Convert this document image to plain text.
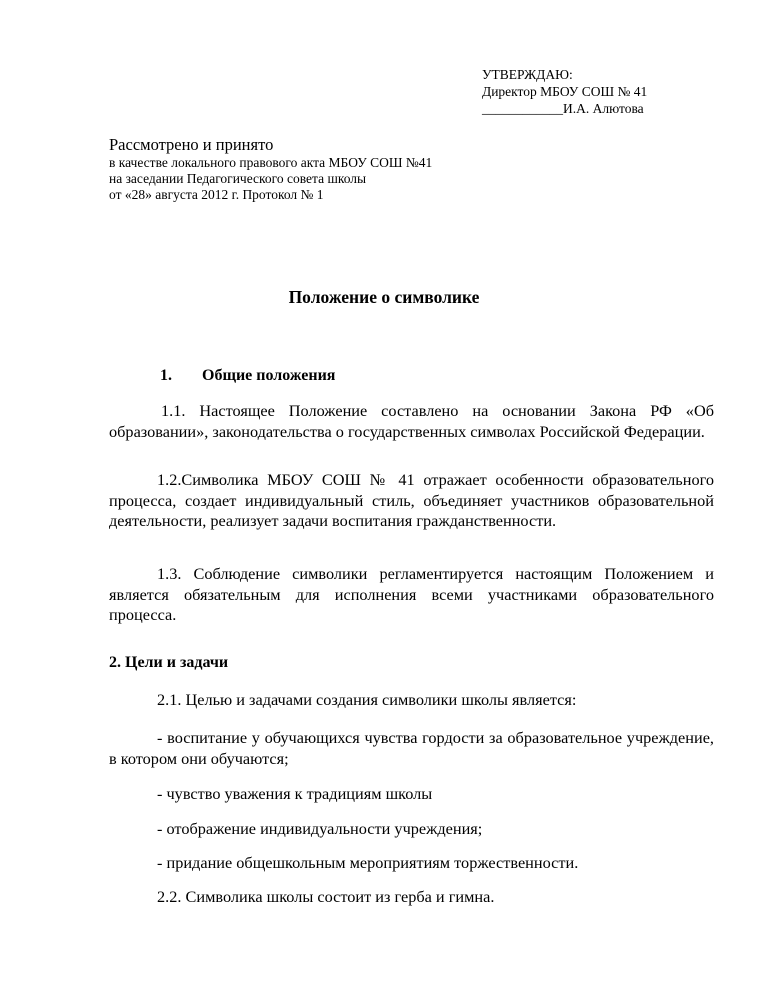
УТВЕРЖДАЮ:
Директор МБОУ СОШ № 41
____________И.А. Алютова
Рассмотрено и принято
в качестве локального правового акта МБОУ СОШ №41
на заседании Педагогического совета школы
от «28» августа 2012 г. Протокол № 1
Положение о символике
1. Общие положения
1.1. Настоящее Положение составлено на основании Закона РФ «Об образовании», законодательства о государственных символах Российской Федерации.
1.2.Символика МБОУ СОШ № 41 отражает особенности образовательного процесса, создает индивидуальный стиль, объединяет участников образовательной деятельности, реализует задачи воспитания гражданственности.
1.3. Соблюдение символики регламентируется настоящим Положением и является обязательным для исполнения всеми участниками образовательного процесса.
2. Цели и задачи
2.1. Целью и задачами создания символики школы является:
- воспитание у обучающихся чувства гордости за образовательное учреждение, в котором они обучаются;
- чувство уважения к традициям школы
- отображение индивидуальности учреждения;
- придание общешкольным мероприятиям торжественности.
2.2. Символика школы состоит из герба и гимна.
